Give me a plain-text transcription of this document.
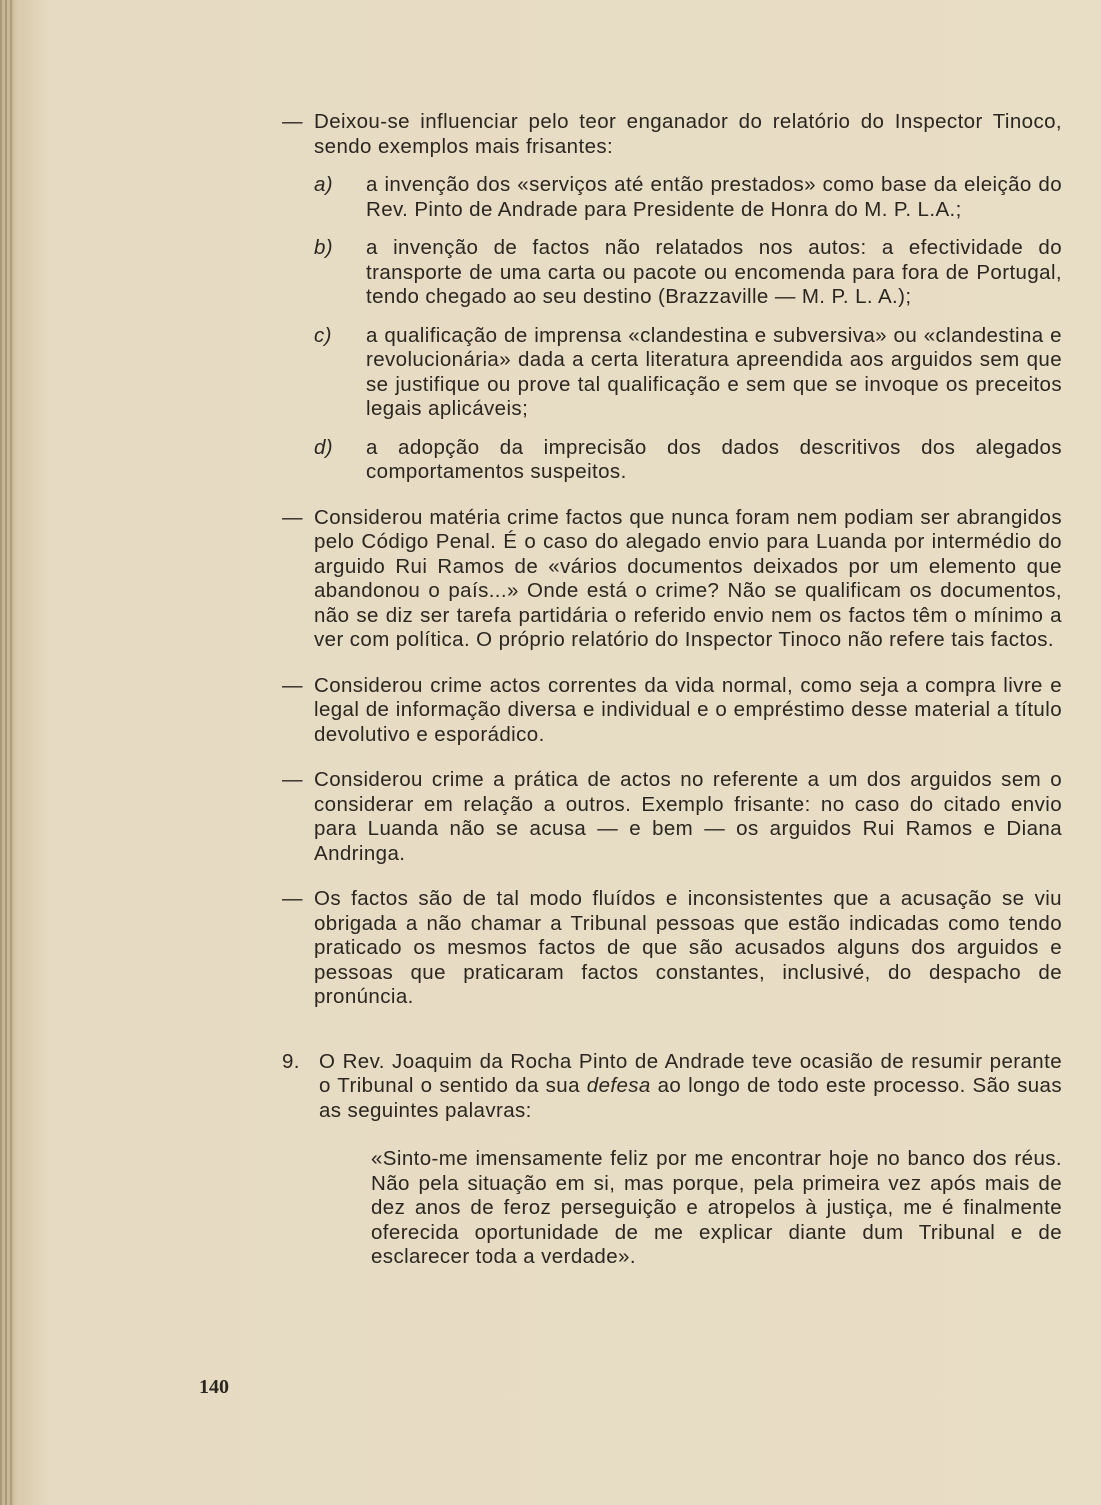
— Deixou-se influenciar pelo teor enganador do relatório do Inspector Tinoco, sendo exemplos mais frisantes:
a) a invenção dos «serviços até então prestados» como base da eleição do Rev. Pinto de Andrade para Presidente de Honra do M. P. L.A.;
b) a invenção de factos não relatados nos autos: a efectividade do transporte de uma carta ou pacote ou encomenda para fora de Portugal, tendo chegado ao seu destino (Brazzaville — M. P. L. A.);
c) a qualificação de imprensa «clandestina e subversiva» ou «clandestina e revolucionária» dada a certa literatura apreendida aos arguidos sem que se justifique ou prove tal qualificação e sem que se invoque os preceitos legais aplicáveis;
d) a adopção da imprecisão dos dados descritivos dos alegados comportamentos suspeitos.
— Considerou matéria crime factos que nunca foram nem podiam ser abrangidos pelo Código Penal. É o caso do alegado envio para Luanda por intermédio do arguido Rui Ramos de «vários documentos deixados por um elemento que abandonou o país...» Onde está o crime? Não se qualificam os documentos, não se diz ser tarefa partidária o referido envio nem os factos têm o mínimo a ver com política. O próprio relatório do Inspector Tinoco não refere tais factos.
— Considerou crime actos correntes da vida normal, como seja a compra livre e legal de informação diversa e individual e o empréstimo desse material a título devolutivo e esporádico.
— Considerou crime a prática de actos no referente a um dos arguidos sem o considerar em relação a outros. Exemplo frisante: no caso do citado envio para Luanda não se acusa — e bem — os arguidos Rui Ramos e Diana Andringa.
— Os factos são de tal modo fluídos e inconsistentes que a acusação se viu obrigada a não chamar a Tribunal pessoas que estão indicadas como tendo praticado os mesmos factos de que são acusados alguns dos arguidos e pessoas que praticaram factos constantes, inclusivé, do despacho de pronúncia.
9. O Rev. Joaquim da Rocha Pinto de Andrade teve ocasião de resumir perante o Tribunal o sentido da sua defesa ao longo de todo este processo. São suas as seguintes palavras:
«Sinto-me imensamente feliz por me encontrar hoje no banco dos réus. Não pela situação em si, mas porque, pela primeira vez após mais de dez anos de feroz perseguição e atropelos à justiça, me é finalmente oferecida oportunidade de me explicar diante dum Tribunal e de esclarecer toda a verdade».
140
